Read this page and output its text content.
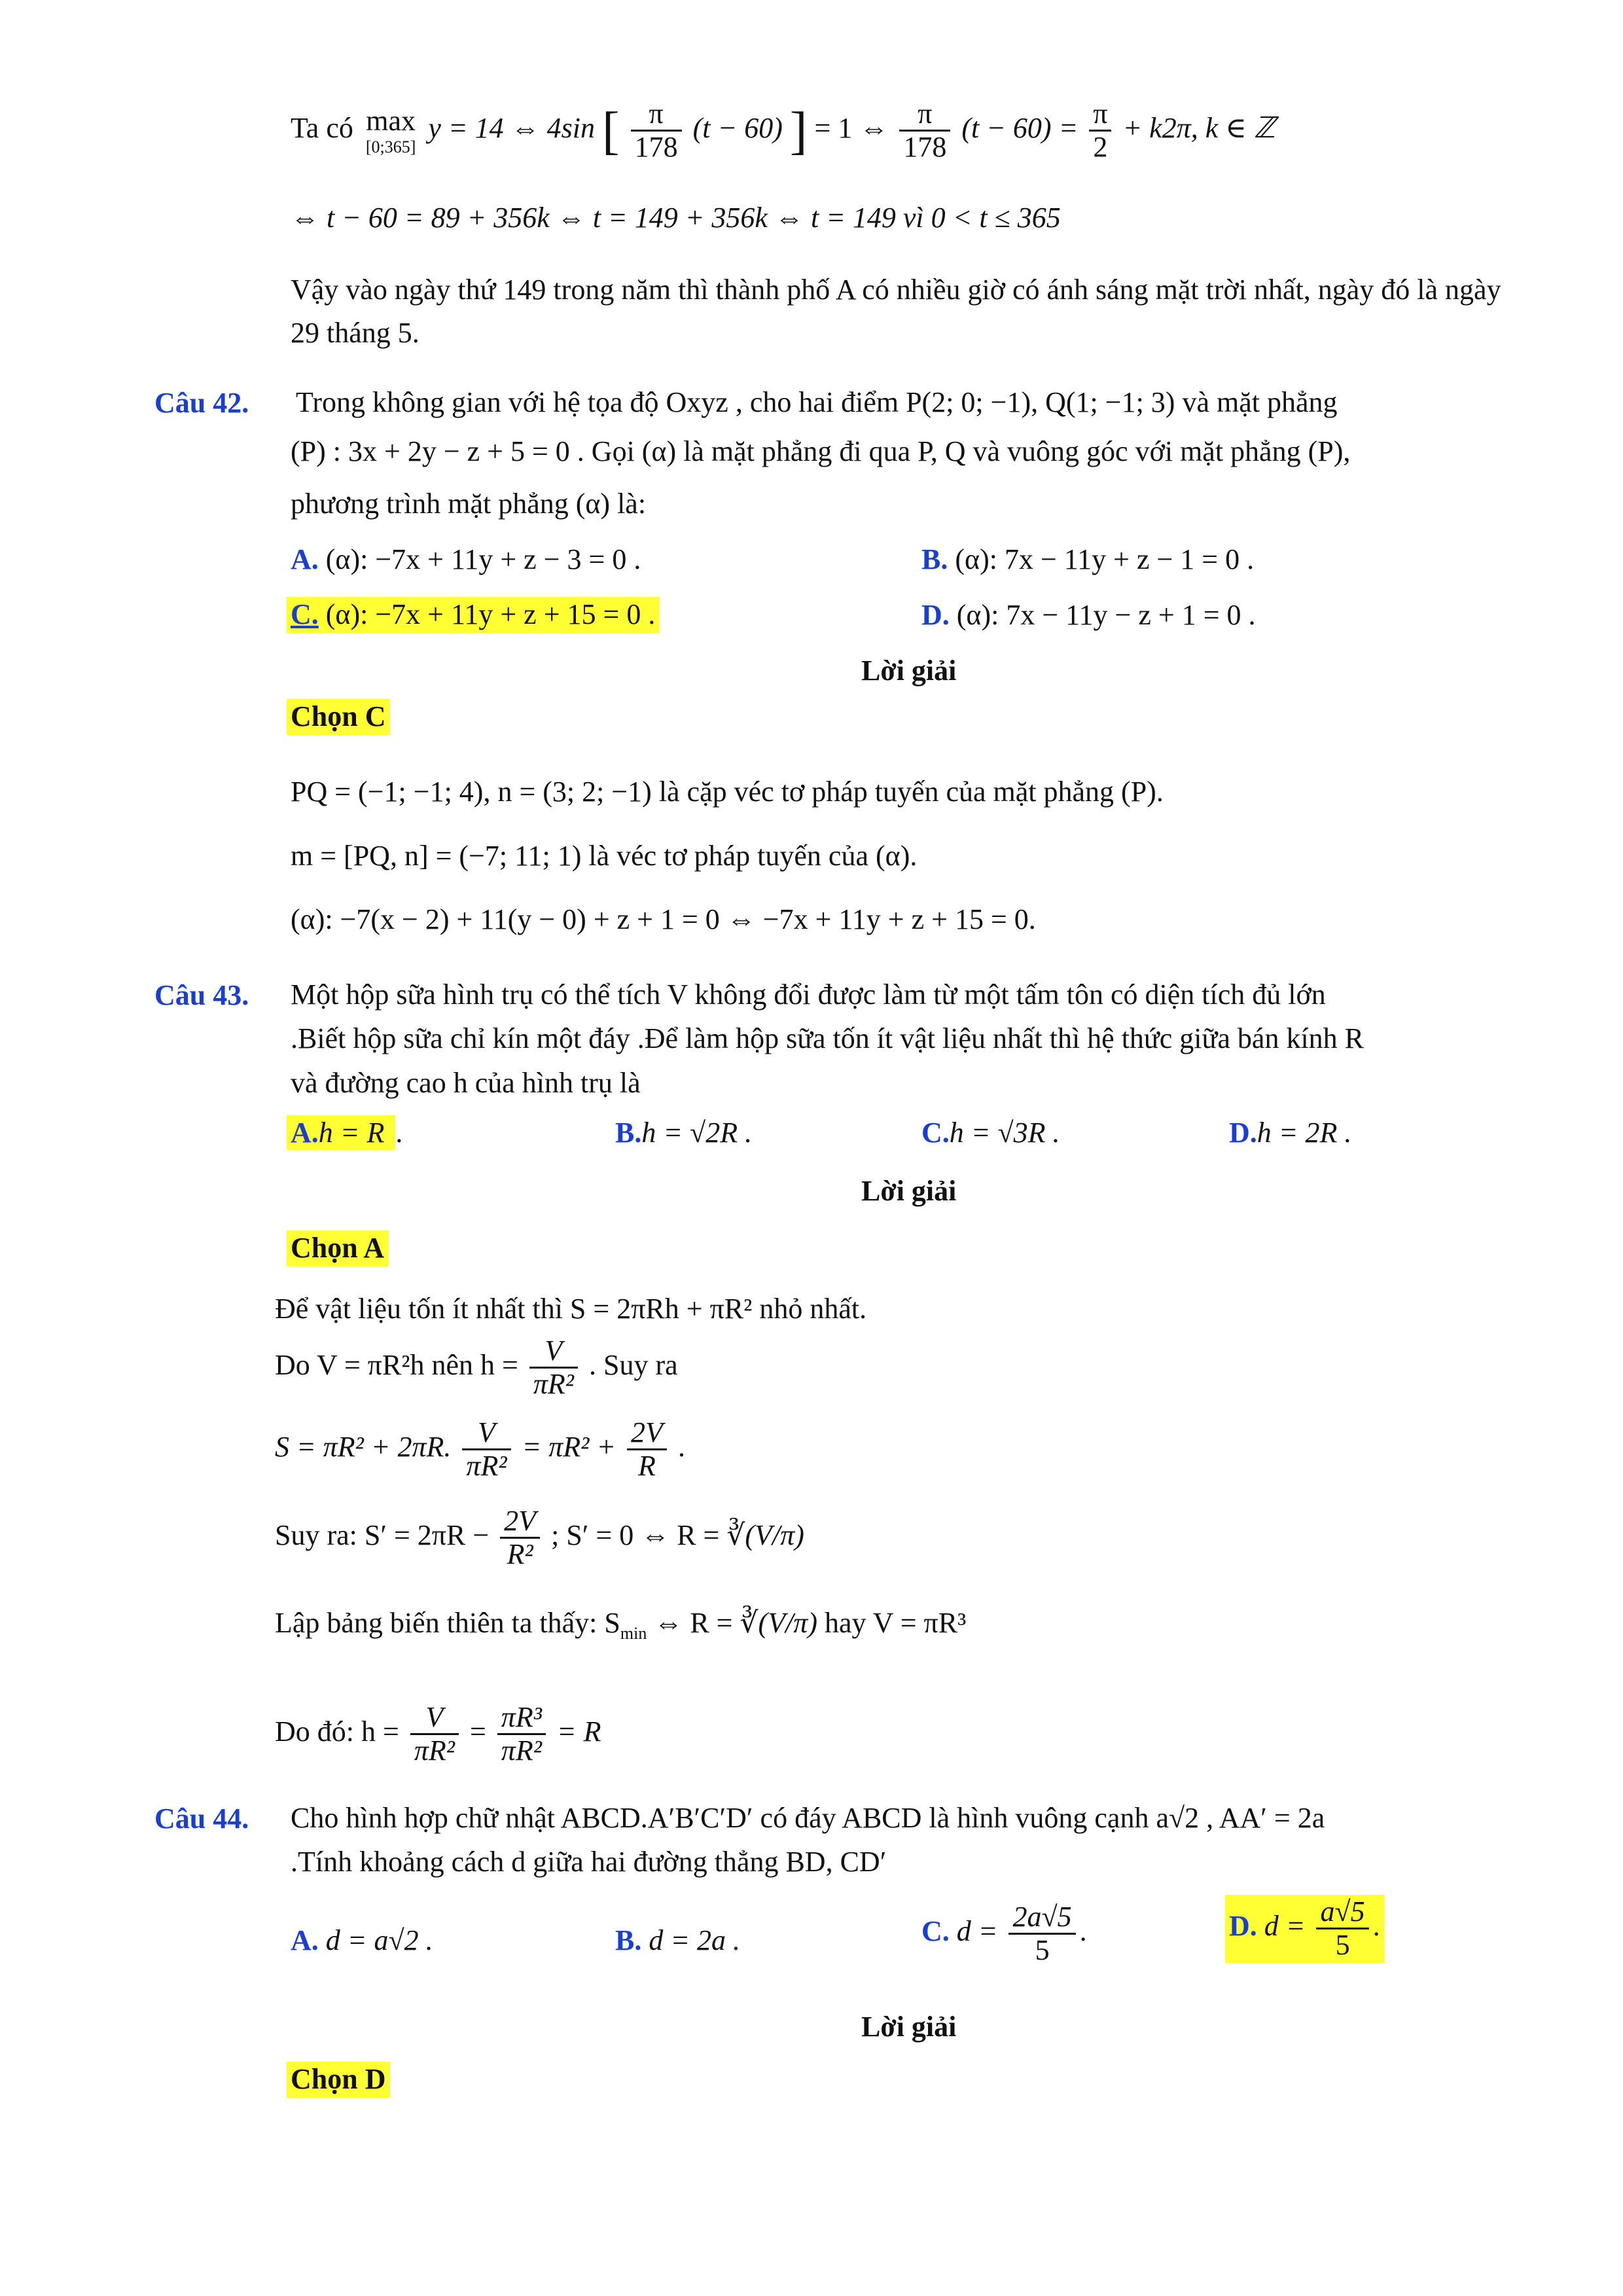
Ta có max
[0;365]
y = 14 ⇔ 4sin [ $\frac{\pi}{178} (t - 60)$ ] = 1 ⇔ $\frac{\pi}{178} (t - 60) = \frac{\pi}{2} + k2\pi$, k ∈ ℤ
⇔ t − 60 = 89 + 356k ⇔ t = 149 + 356k ⇔ t = 149 vì 0 < t ≤ 365
Vậy vào ngày thứ 149 trong năm thì thành phố A có nhiều giờ có ánh sáng mặt trời nhất, ngày đó là ngày 29 tháng 5.
Câu 42. Trong không gian với hệ tọa độ Oxyz , cho hai điểm P(2; 0; −1), Q(1; −1; 3) và mặt phẳng
(P) : 3x + 2y − z + 5 = 0 . Gọi (α) là mặt phẳng đi qua P, Q và vuông góc với mặt phẳng (P),
phương trình mặt phẳng (α) là:
A. (α): −7x + 11y + z − 3 = 0 .	B. (α): 7x − 11y + z − 1 = 0 .
C. (α): −7x + 11y + z + 15 = 0 .	D. (α): 7x − 11y − z + 1 = 0 .
Lời giải
Chọn C
PQ = (−1; −1; 4), n = (3; 2; −1) là cặp véc tơ pháp tuyến của mặt phẳng (P).
m = [PQ, n] = (−7; 11; 1) là véc tơ pháp tuyến của (α).
(α): −7(x − 2) + 11(y − 0) + z + 1 = 0 ⇔ −7x + 11y + z + 15 = 0.
Câu 43. Một hộp sữa hình trụ có thể tích V không đổi được làm từ một tấm tôn có diện tích đủ lớn
.Biết hộp sữa chỉ kín một đáy .Để làm hộp sữa tốn ít vật liệu nhất thì hệ thức giữa bán kính R
và đường cao h của hình trụ là
A.h = R .	B.h = √2R .	C.h = √3R .	D.h = 2R .
Lời giải
Chọn A
Để vật liệu tốn ít nhất thì S = 2πRh + πR² nhỏ nhất.
Do V = πR²h nên $h = \frac{V}{\text{πR²}}$ . Suy ra
S = πR² + 2πR. $\frac{V}{\text{πR²}} = \pi R^2 + \frac{2V}{R}$ .
Suy ra: $S' = 2\pi R - \frac{2V}{\text{R²}}$ ; S′ = 0 ⇔ R = ∛(V/π)
Lập bảng biến thiên ta thấy: $S_{min}$ ⇔ R = ∛(V/π) hay V = πR³
Do đó: $h = \frac{V}{\text{πR²}} = \frac{\text{πR³}}{\text{πR²}} = R$
Câu 44. Cho hình hợp chữ nhật ABCD.A′B′C′D′ có đáy ABCD là hình vuông cạnh a√2 , AA′ = 2a
.Tính khoảng cách d giữa hai đường thẳng BD, CD′
A. d = a√2 .	B. d = 2a .	C. $d = \frac{2a√5}{5}$ .	D. $d = \frac{a√5}{5}$ .
Lời giải
Chọn D
